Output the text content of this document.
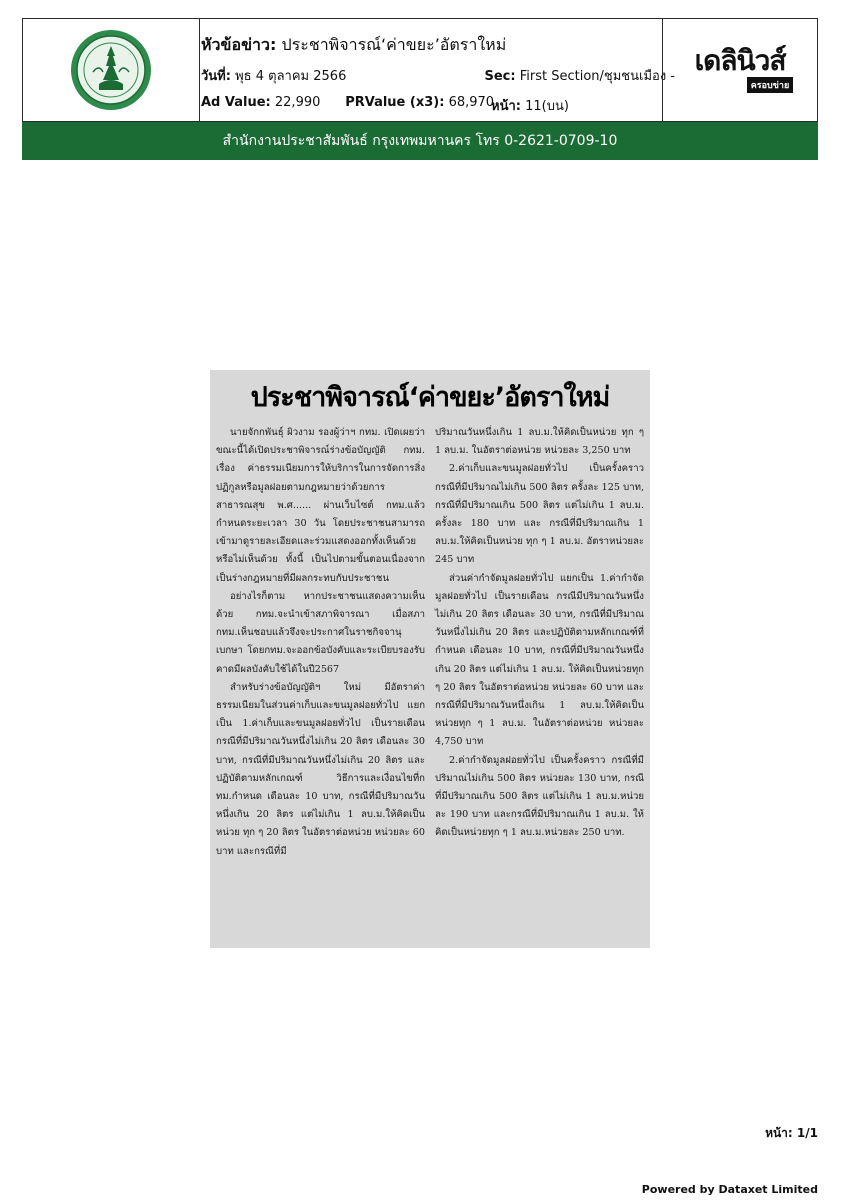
หัวข้อข่าว: ประชาพิจารณ์‘ค่าขยะ’อัตราใหม่
วันที่: พุธ 4 ตุลาคม 2566	Sec: First Section/ชุมชนเมือง -
Ad Value: 22,990 PRValue (x3): 68,970
หน้า: 11(บน)
เดลินิวส์
ครอบข่าย
สำนักงานประชาสัมพันธ์ กรุงเทพมหานคร โทร 0-2621-0709-10
ประชาพิจารณ์‘ค่าขยะ’อัตราใหม่

นายจักกพันธุ์ ผิวงาม รองผู้ว่าฯ กทม. เปิดเผยว่า ขณะนี้ได้เปิดประชาพิจารณ์ร่างข้อบัญญัติ กทม. เรื่อง ค่าธรรมเนียมการให้บริการในการจัดการสิ่งปฏิกูลหรือมูลฝอยตามกฎหมายว่าด้วยการสาธารณสุข พ.ศ...... ผ่านเว็บไซต์ กทม.แล้ว กำหนดระยะเวลา 30 วัน โดยประชาชนสามารถเข้ามาดูรายละเอียดและร่วมแสดงออกทั้งเห็นด้วยหรือไม่เห็นด้วย ทั้งนี้ เป็นไปตามขั้นตอนเนื่องจากเป็นร่างกฎหมายที่มีผลกระทบกับประชาชน

อย่างไรก็ตาม หากประชาชนแสดงความเห็นด้วย กทม.จะนำเข้าสภาพิจารณา เมื่อสภา กทม.เห็นชอบแล้วจึงจะประกาศในราชกิจจานุเบกษา โดยกทม.จะออกข้อบังคับและระเบียบรองรับ คาดมีผลบังคับใช้ได้ในปี2567

สำหรับร่างข้อบัญญัติฯ ใหม่ มีอัตราค่าธรรมเนียมในส่วนค่าเก็บและขนมูลฝอยทั่วไป แยกเป็น 1.ค่าเก็บและขนมูลฝอยทั่วไป เป็นรายเดือน กรณีที่มีปริมาณวันหนึ่งไม่เกิน 20 ลิตร เดือนละ 30 บาท, กรณีที่มีปริมาณวันหนึ่งไม่เกิน 20 ลิตร และปฏิบัติตามหลักเกณฑ์ วิธีการและเงื่อนไขที่กทม.กำหนด เดือนละ 10 บาท, กรณีที่มีปริมาณวันหนึ่งเกิน 20 ลิตร แต่ไม่เกิน 1 ลบ.ม.ให้คิดเป็นหน่วย ทุก ๆ 20 ลิตร ในอัตราต่อหน่วย หน่วยละ 60 บาท และกรณีที่มี

ปริมาณวันหนึ่งเกิน 1 ลบ.ม.ให้คิดเป็นหน่วย ทุก ๆ 1 ลบ.ม. ในอัตราต่อหน่วย หน่วยละ 3,250 บาท

2.ค่าเก็บและขนมูลฝอยทั่วไป เป็นครั้งคราว กรณีที่มีปริมาณไม่เกิน 500 ลิตร ครั้งละ 125 บาท, กรณีที่มีปริมาณเกิน 500 ลิตร แต่ไม่เกิน 1 ลบ.ม. ครั้งละ 180 บาท และ กรณีที่มีปริมาณเกิน 1 ลบ.ม.ให้คิดเป็นหน่วย ทุก ๆ 1 ลบ.ม. อัตราหน่วยละ 245 บาท

ส่วนค่ากำจัดมูลฝอยทั่วไป แยกเป็น 1.ค่ากำจัดมูลฝอยทั่วไป เป็นรายเดือน กรณีมีปริมาณวันหนึ่งไม่เกิน 20 ลิตร เดือนละ 30 บาท, กรณีที่มีปริมาณวันหนึ่งไม่เกิน 20 ลิตร และปฏิบัติตามหลักเกณฑ์ที่กำหนด เดือนละ 10 บาท, กรณีที่มีปริมาณวันหนึ่งเกิน 20 ลิตร แต่ไม่เกิน 1 ลบ.ม. ให้คิดเป็นหน่วยทุก ๆ 20 ลิตร ในอัตราต่อหน่วย หน่วยละ 60 บาท และกรณีที่มีปริมาณวันหนึ่งเกิน 1 ลบ.ม.ให้คิดเป็นหน่วยทุก ๆ 1 ลบ.ม. ในอัตราต่อหน่วย หน่วยละ 4,750 บาท

2.ค่ากำจัดมูลฝอยทั่วไป เป็นครั้งคราว กรณีที่มีปริมาณไม่เกิน 500 ลิตร หน่วยละ 130 บาท, กรณีที่มีปริมาณเกิน 500 ลิตร แต่ไม่เกิน 1 ลบ.ม.หน่วยละ 190 บาท และกรณีที่มีปริมาณเกิน 1 ลบ.ม. ให้คิดเป็นหน่วยทุก ๆ 1 ลบ.ม.หน่วยละ 250 บาท.

หน้า: 1/1
Powered by Dataxet Limited
